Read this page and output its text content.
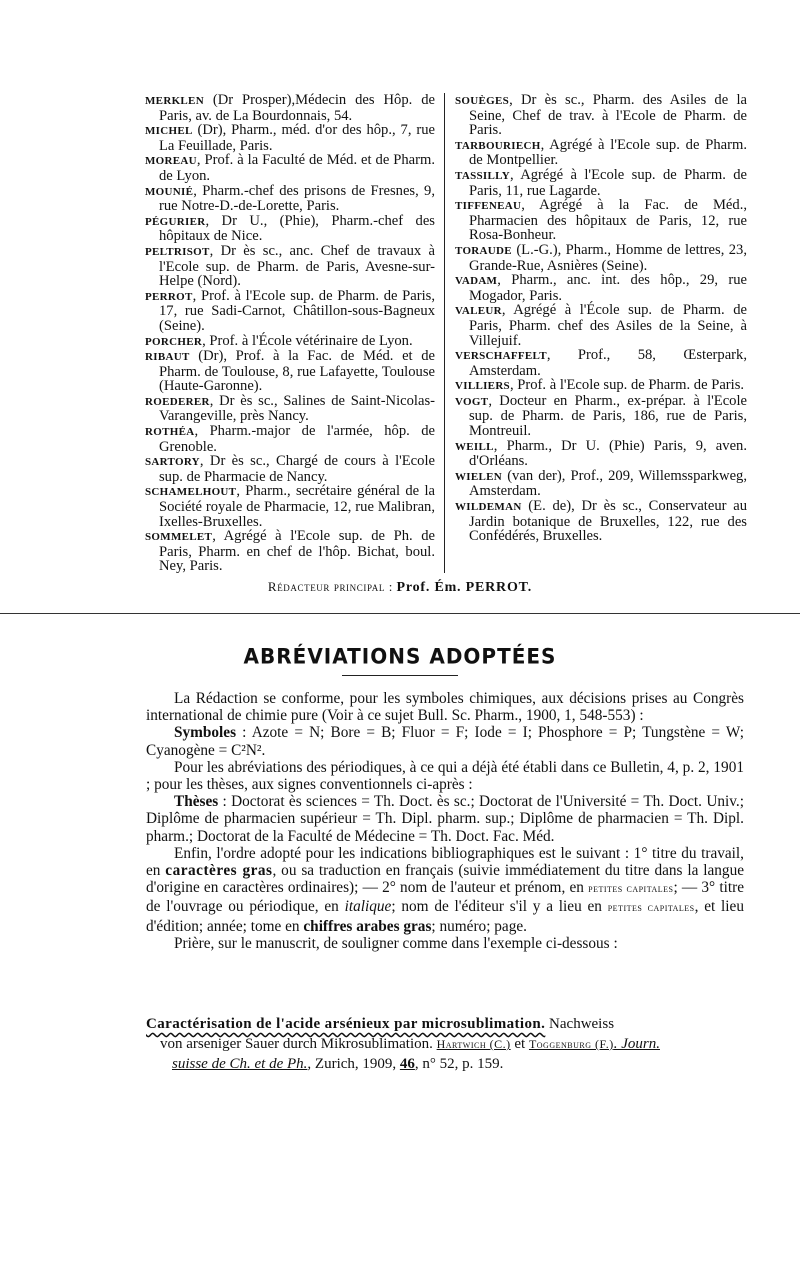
MERKLEN (Dr Prosper),Médecin des Hôp. de Paris, av. de La Bourdonnais, 54.

MICHEL (Dr), Pharm., méd. d'or des hôp., 7, rue La Feuillade, Paris.

MOREAU, Prof. à la Faculté de Méd. et de Pharm. de Lyon.

MOUNIÉ, Pharm.-chef des prisons de Fresnes, 9, rue Notre-D.-de-Lorette, Paris.

PÉGURIER, Dr U., (Phie), Pharm.-chef des hôpitaux de Nice.

PELTRISOT, Dr ès sc., anc. Chef de travaux à l'Ecole sup. de Pharm. de Paris, Avesne-sur-Helpe (Nord).

PERROT, Prof. à l'Ecole sup. de Pharm. de Paris, 17, rue Sadi-Carnot, Châtillon-sous-Bagneux (Seine).

PORCHER, Prof. à l'École vétérinaire de Lyon.

RIBAUT (Dr), Prof. à la Fac. de Méd. et de Pharm. de Toulouse, 8, rue Lafayette, Toulouse (Haute-Garonne).

ROEDERER, Dr ès sc., Salines de Saint-Nicolas-Varangeville, près Nancy.

ROTHÉA, Pharm.-major de l'armée, hôp. de Grenoble.

SARTORY, Dr ès sc., Chargé de cours à l'Ecole sup. de Pharmacie de Nancy.

SCHAMELHOUT, Pharm., secrétaire général de la Société royale de Pharmacie, 12, rue Malibran, Ixelles-Bruxelles.

SOMMELET, Agrégé à l'Ecole sup. de Ph. de Paris, Pharm. en chef de l'hôp. Bichat, boul. Ney, Paris.

SOUÈGES, Dr ès sc., Pharm. des Asiles de la Seine, Chef de trav. à l'Ecole de Pharm. de Paris.

TARBOURIECH, Agrégé à l'Ecole sup. de Pharm. de Montpellier.

TASSILLY, Agrégé à l'Ecole sup. de Pharm. de Paris, 11, rue Lagarde.

TIFFENEAU, Agrégé à la Fac. de Méd., Pharmacien des hôpitaux de Paris, 12, rue Rosa-Bonheur.

TORAUDE (L.-G.), Pharm., Homme de lettres, 23, Grande-Rue, Asnières (Seine).

VADAM, Pharm., anc. int. des hôp., 29, rue Mogador, Paris.

VALEUR, Agrégé à l'École sup. de Pharm. de Paris, Pharm. chef des Asiles de la Seine, à Villejuif.

VERSCHAFFELT, Prof., 58, Œsterpark, Amsterdam.

VILLIERS, Prof. à l'Ecole sup. de Pharm. de Paris.

VOGT, Docteur en Pharm., ex-prépar. à l'Ecole sup. de Pharm. de Paris, 186, rue de Paris, Montreuil.

WEILL, Pharm., Dr U. (Phie) Paris, 9, aven. d'Orléans.

WIELEN (van der), Prof., 209, Willemssparkweg, Amsterdam.

WILDEMAN (E. de), Dr ès sc., Conservateur au Jardin botanique de Bruxelles, 122, rue des Confédérés, Bruxelles.

Rédacteur principal : Prof. Ém. PERROT.
ABRÉVIATIONS ADOPTÉES

La Rédaction se conforme, pour les symboles chimiques, aux décisions prises au Congrès international de chimie pure (Voir à ce sujet Bull. Sc. Pharm., 1900, 1, 548-553) :

Symboles : Azote = N; Bore = B; Fluor = F; Iode = I; Phosphore = P; Tungstène = W; Cyanogène = C²N².

Pour les abréviations des périodiques, à ce qui a déjà été établi dans ce Bulletin, 4, p. 2, 1901 ; pour les thèses, aux signes conventionnels ci-après :

Thèses : Doctorat ès sciences = Th. Doct. ès sc.; Doctorat de l'Université = Th. Doct. Univ.; Diplôme de pharmacien supérieur = Th. Dipl. pharm. sup.; Diplôme de pharmacien = Th. Dipl. pharm.; Doctorat de la Faculté de Médecine = Th. Doct. Fac. Méd.

Enfin, l'ordre adopté pour les indications bibliographiques est le suivant : 1° titre du travail, en caractères gras, ou sa traduction en français (suivie immédiatement du titre dans la langue d'origine en caractères ordinaires); — 2° nom de l'auteur et prénom, en petites capitales; — 3° titre de l'ouvrage ou périodique, en italique; nom de l'éditeur s'il y a lieu en petites capitales, et lieu d'édition; année; tome en chiffres arabes gras; numéro; page.

Prière, sur le manuscrit, de souligner comme dans l'exemple ci-dessous :

Caractérisation de l'acide arsénieux par microsublimation. Nachweiss
von arseniger Sauer durch Mikrosublimation. Hartwich (C.) et Toggenburg (F.). Journ.
suisse de Ch. et de Ph., Zurich, 1909, 46, n° 52, p. 159.
